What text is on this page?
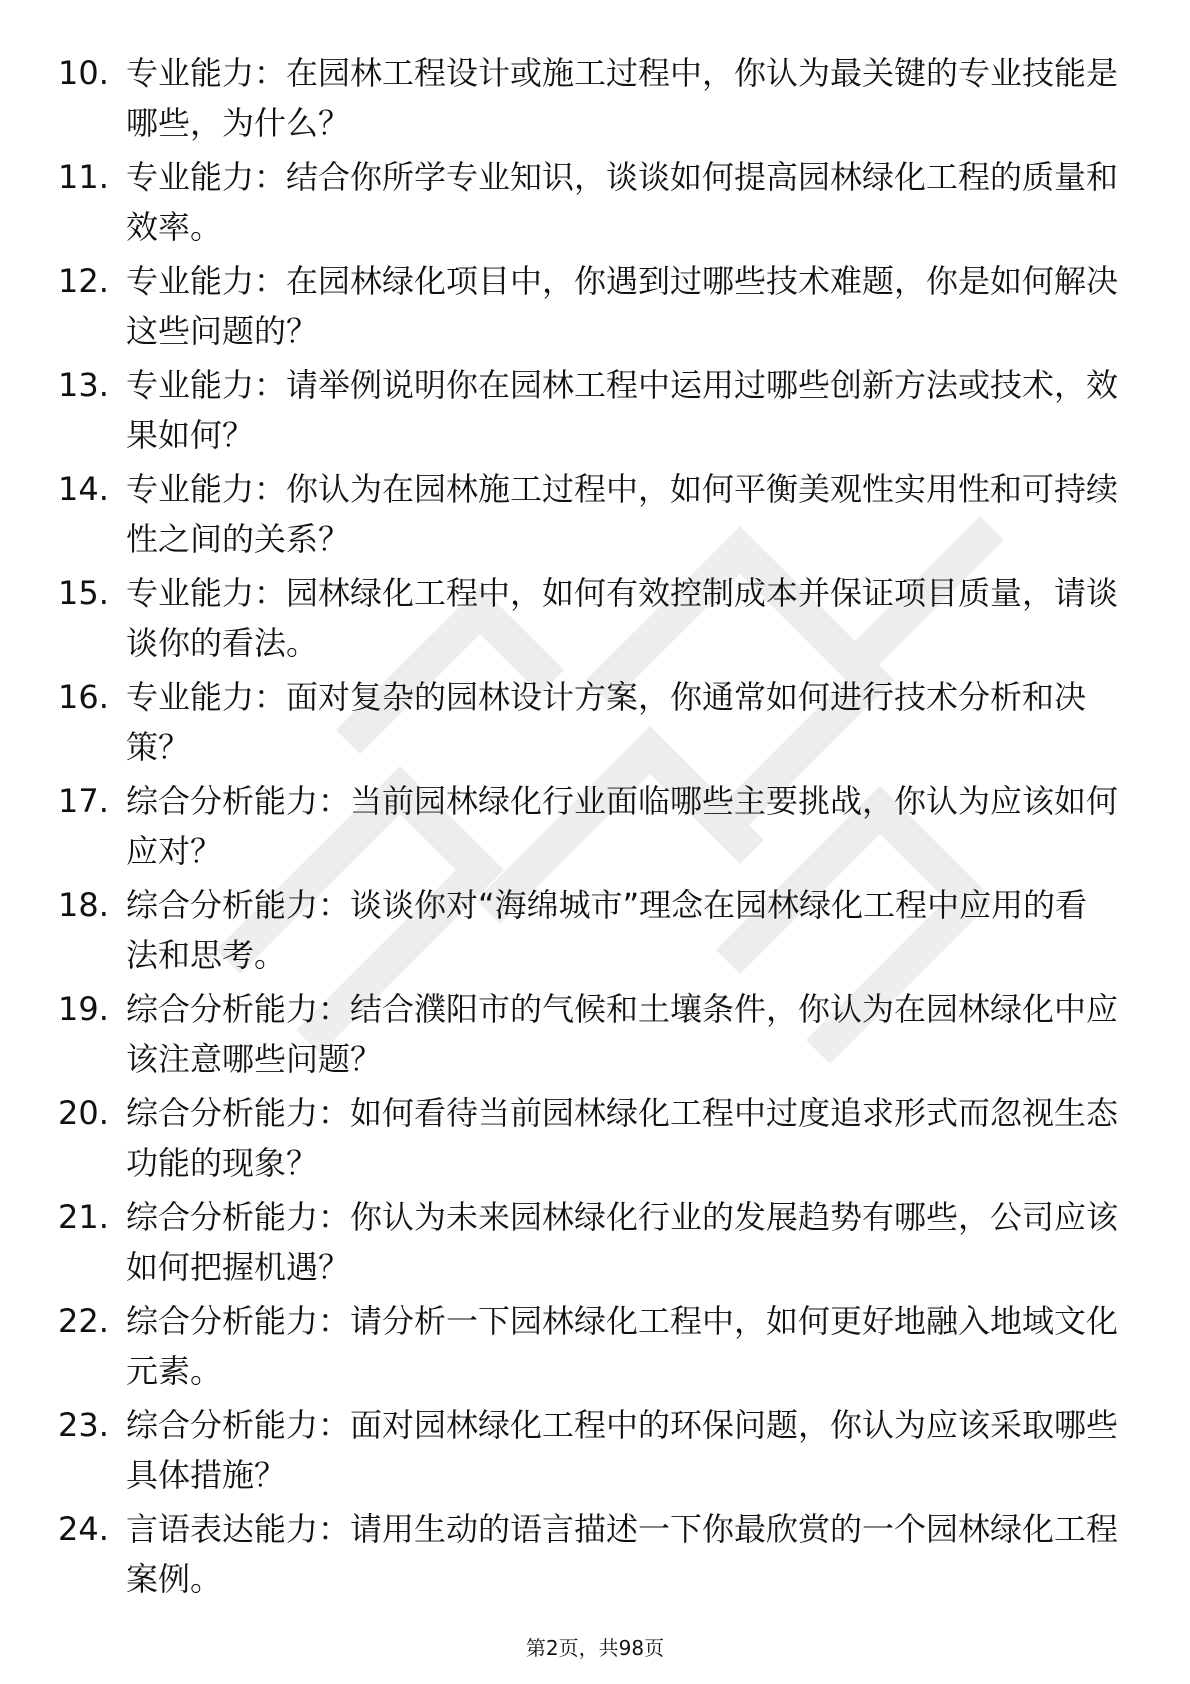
10. 专业能力：在园林工程设计或施工过程中，你认为最关键的专业技能是哪些，为什么？
11. 专业能力：结合你所学专业知识，谈谈如何提高园林绿化工程的质量和效率。
12. 专业能力：在园林绿化项目中，你遇到过哪些技术难题，你是如何解决这些问题的？
13. 专业能力：请举例说明你在园林工程中运用过哪些创新方法或技术，效果如何？
14. 专业能力：你认为在园林施工过程中，如何平衡美观性实用性和可持续性之间的关系？
15. 专业能力：园林绿化工程中，如何有效控制成本并保证项目质量，请谈谈你的看法。
16. 专业能力：面对复杂的园林设计方案，你通常如何进行技术分析和决策？
17. 综合分析能力：当前园林绿化行业面临哪些主要挑战，你认为应该如何应对？
18. 综合分析能力：谈谈你对“海绵城市”理念在园林绿化工程中应用的看法和思考。
19. 综合分析能力：结合濮阳市的气候和土壤条件，你认为在园林绿化中应该注意哪些问题？
20. 综合分析能力：如何看待当前园林绿化工程中过度追求形式而忽视生态功能的现象？
21. 综合分析能力：你认为未来园林绿化行业的发展趋势有哪些，公司应该如何把握机遇？
22. 综合分析能力：请分析一下园林绿化工程中，如何更好地融入地域文化元素。
23. 综合分析能力：面对园林绿化工程中的环保问题，你认为应该采取哪些具体措施？
24. 言语表达能力：请用生动的语言描述一下你最欣赏的一个园林绿化工程案例。
第2页，共98页
